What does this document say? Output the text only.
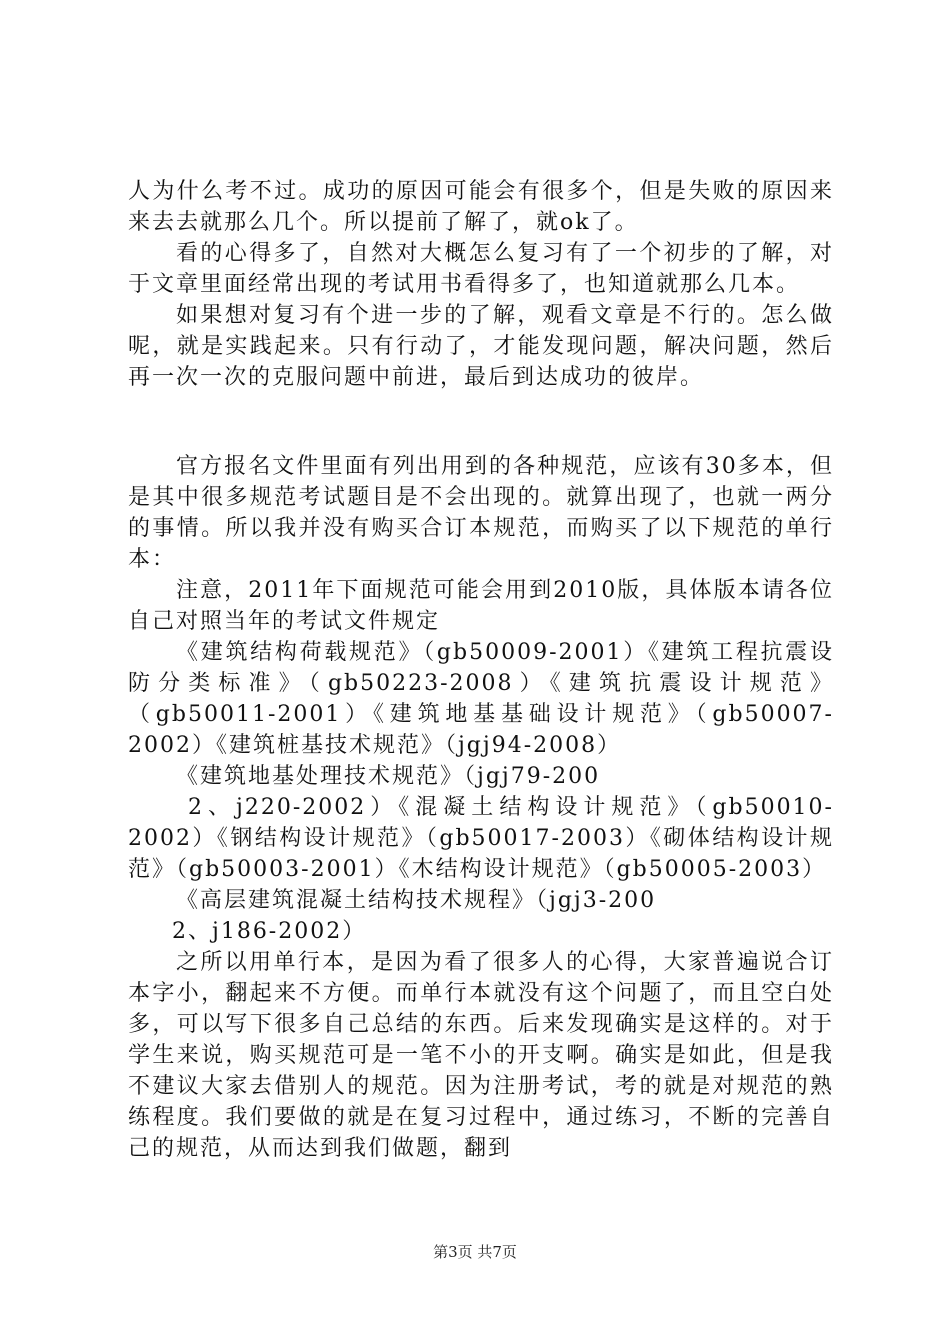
人为什么考不过。成功的原因可能会有很多个，但是失败的原因来来去去就那么几个。所以提前了解了，就ok了。

看的心得多了，自然对大概怎么复习有了一个初步的了解，对于文章里面经常出现的考试用书看得多了，也知道就那么几本。

如果想对复习有个进一步的了解，观看文章是不行的。怎么做呢，就是实践起来。只有行动了，才能发现问题，解决问题，然后再一次一次的克服问题中前进，最后到达成功的彼岸。

官方报名文件里面有列出用到的各种规范，应该有30多本，但是其中很多规范考试题目是不会出现的。就算出现了，也就一两分的事情。所以我并没有购买合订本规范，而购买了以下规范的单行本：

注意，2011年下面规范可能会用到2010版，具体版本请各位自己对照当年的考试文件规定

《建筑结构荷载规范》（gb50009-2001）《建筑工程抗震设防分类标准》（gb50223-2008）《建筑抗震设计规范》（gb50011-2001）《建筑地基基础设计规范》（gb50007-2002）《建筑桩基技术规范》（jgj94-2008）

《建筑地基处理技术规范》（jgj79-200

2、j220-2002）《混凝土结构设计规范》（gb50010-2002）《钢结构设计规范》（gb50017-2003）《砌体结构设计规范》（gb50003-2001）《木结构设计规范》（gb50005-2003）

《高层建筑混凝土结构技术规程》（jgj3-200

2、j186-2002）

之所以用单行本，是因为看了很多人的心得，大家普遍说合订本字小，翻起来不方便。而单行本就没有这个问题了，而且空白处多，可以写下很多自己总结的东西。后来发现确实是这样的。对于学生来说，购买规范可是一笔不小的开支啊。确实是如此，但是我不建议大家去借别人的规范。因为注册考试，考的就是对规范的熟练程度。我们要做的就是在复习过程中，通过练习，不断的完善自己的规范，从而达到我们做题，翻到

第3页 共7页
